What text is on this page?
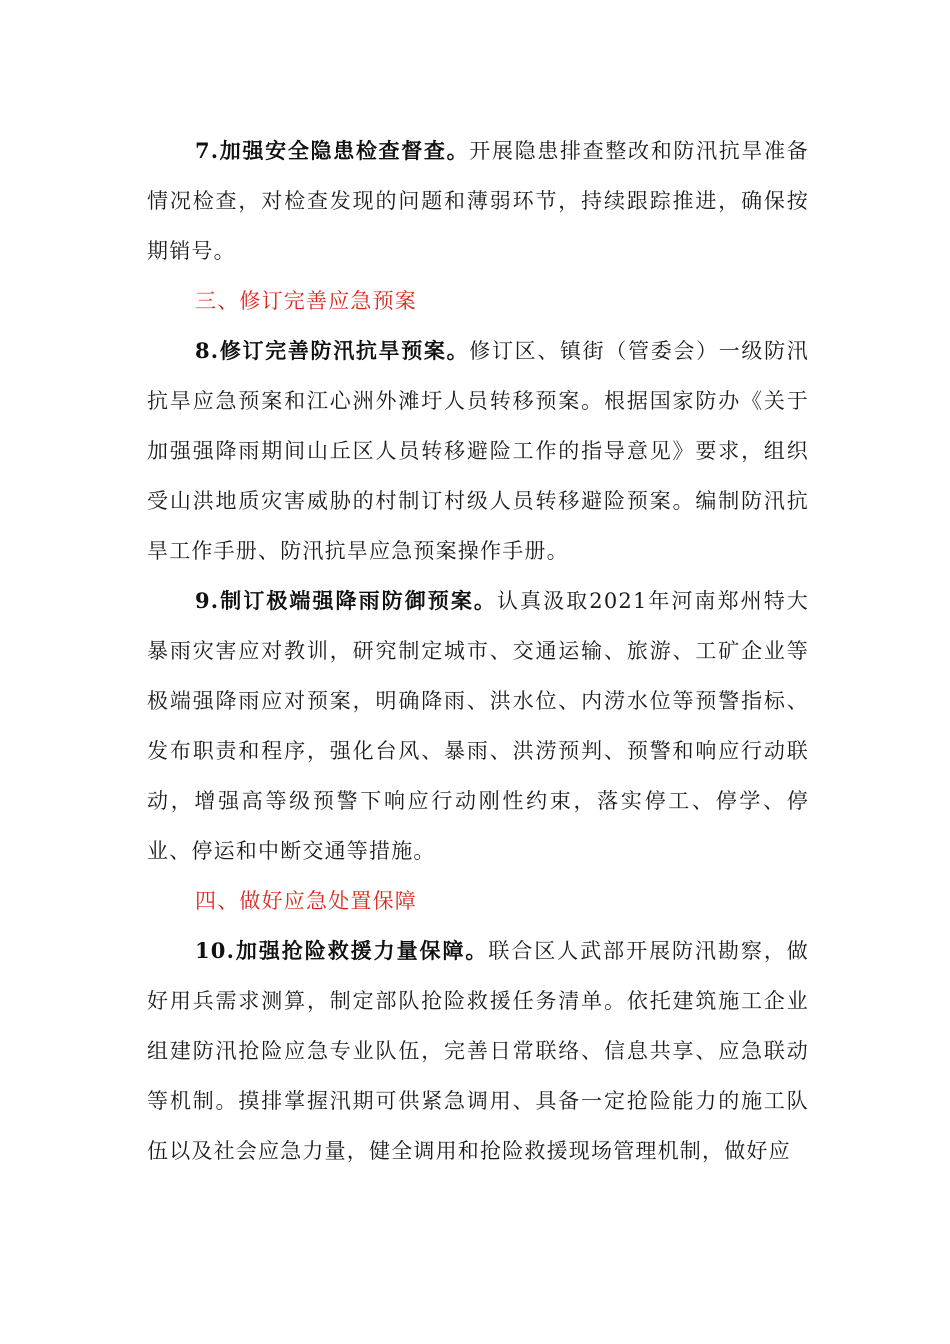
7.加强安全隐患检查督查。开展隐患排查整改和防汛抗旱准备情况检查，对检查发现的问题和薄弱环节，持续跟踪推进，确保按期销号。

三、修订完善应急预案

8.修订完善防汛抗旱预案。修订区、镇街（管委会）一级防汛抗旱应急预案和江心洲外滩圩人员转移预案。根据国家防办《关于加强强降雨期间山丘区人员转移避险工作的指导意见》要求，组织受山洪地质灾害威胁的村制订村级人员转移避险预案。编制防汛抗旱工作手册、防汛抗旱应急预案操作手册。

9.制订极端强降雨防御预案。认真汲取2021年河南郑州特大暴雨灾害应对教训，研究制定城市、交通运输、旅游、工矿企业等极端强降雨应对预案，明确降雨、洪水位、内涝水位等预警指标、发布职责和程序，强化台风、暴雨、洪涝预判、预警和响应行动联动，增强高等级预警下响应行动刚性约束，落实停工、停学、停业、停运和中断交通等措施。

四、做好应急处置保障

10.加强抢险救援力量保障。联合区人武部开展防汛勘察，做好用兵需求测算，制定部队抢险救援任务清单。依托建筑施工企业组建防汛抢险应急专业队伍，完善日常联络、信息共享、应急联动等机制。摸排掌握汛期可供紧急调用、具备一定抢险能力的施工队伍以及社会应急力量，健全调用和抢险救援现场管理机制，做好应
